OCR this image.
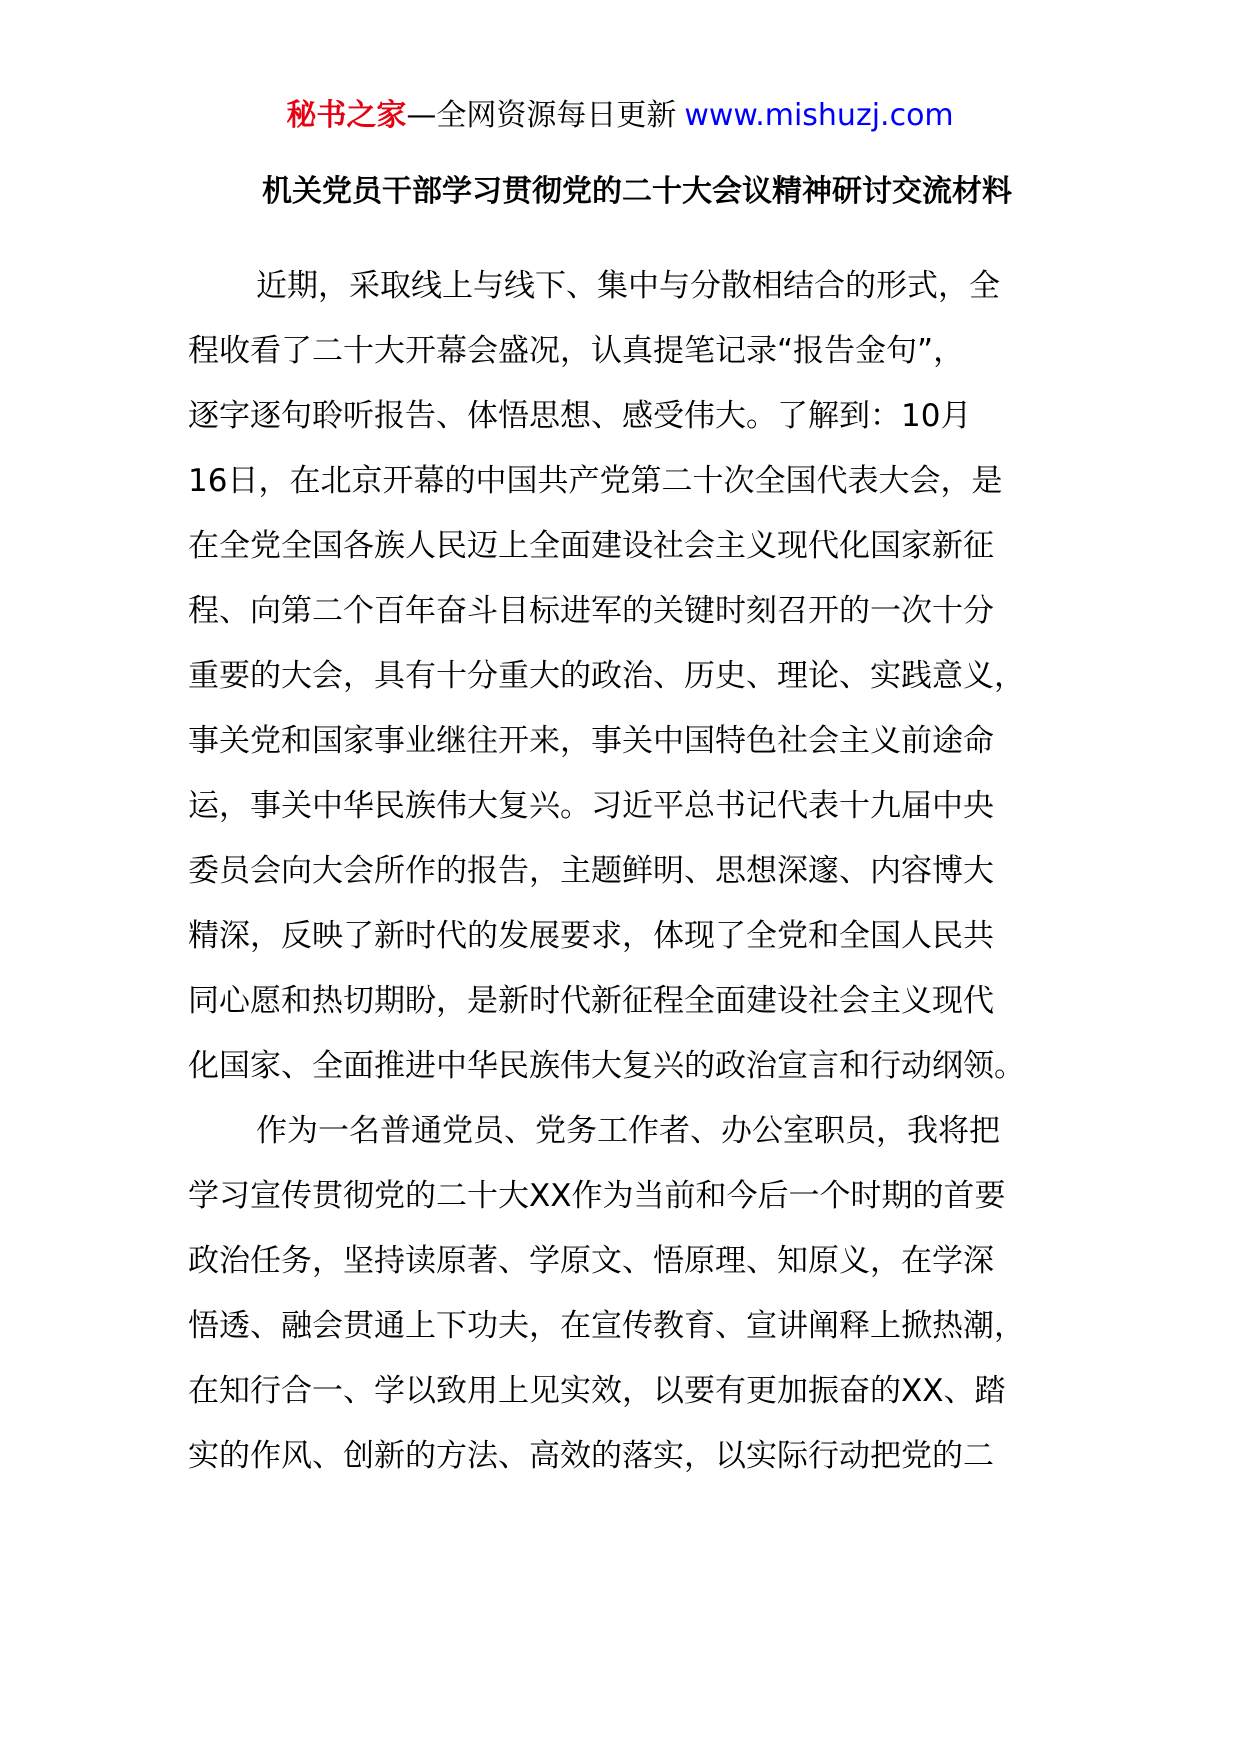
秘书之家—全网资源每日更新 www.mishuzj.com
机关党员干部学习贯彻党的二十大会议精神研讨交流材料
近期，采取线上与线下、集中与分散相结合的形式，全
程收看了二十大开幕会盛况，认真提笔记录“报告金句”，
逐字逐句聆听报告、体悟思想、感受伟大。了解到：10月
16日，在北京开幕的中国共产党第二十次全国代表大会，是
在全党全国各族人民迈上全面建设社会主义现代化国家新征
程、向第二个百年奋斗目标进军的关键时刻召开的一次十分
重要的大会，具有十分重大的政治、历史、理论、实践意义，
事关党和国家事业继往开来，事关中国特色社会主义前途命
运，事关中华民族伟大复兴。习近平总书记代表十九届中央
委员会向大会所作的报告，主题鲜明、思想深邃、内容博大
精深，反映了新时代的发展要求，体现了全党和全国人民共
同心愿和热切期盼，是新时代新征程全面建设社会主义现代
化国家、全面推进中华民族伟大复兴的政治宣言和行动纲领。
作为一名普通党员、党务工作者、办公室职员，我将把
学习宣传贯彻党的二十大XX作为当前和今后一个时期的首要
政治任务，坚持读原著、学原文、悟原理、知原义，在学深
悟透、融会贯通上下功夫，在宣传教育、宣讲阐释上掀热潮，
在知行合一、学以致用上见实效，以要有更加振奋的XX、踏
实的作风、创新的方法、高效的落实，以实际行动把党的二
